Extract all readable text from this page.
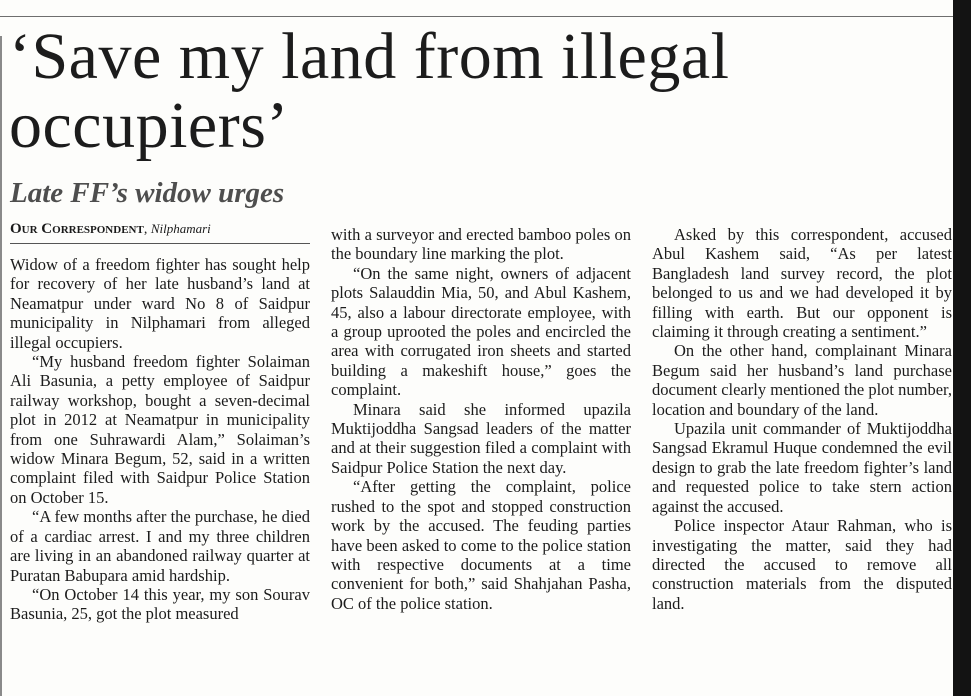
‘Save my land from illegal
occupiers’
Late FF’s widow urges
Our Correspondent, Nilphamari

Widow of a freedom fighter has sought help for recovery of her late husband’s land at Neamatpur under ward No 8 of Saidpur municipality in Nilphamari from alleged illegal occupiers.

“My husband freedom fighter Solaiman Ali Basunia, a petty employee of Saidpur railway workshop, bought a seven-decimal plot in 2012 at Neamatpur in municipality from one Suhrawardi Alam,” Solaiman’s widow Minara Begum, 52, said in a written complaint filed with Saidpur Police Station on October 15.

“A few months after the purchase, he died of a cardiac arrest. I and my three children are living in an abandoned railway quarter at Puratan Babupara amid hardship.

“On October 14 this year, my son Sourav Basunia, 25, got the plot measured

with a surveyor and erected bamboo poles on the boundary line marking the plot.

“On the same night, owners of adjacent plots Salauddin Mia, 50, and Abul Kashem, 45, also a labour directorate employee, with a group uprooted the poles and encircled the area with corrugated iron sheets and started building a makeshift house,” goes the complaint.

Minara said she informed upazila Muktijoddha Sangsad leaders of the matter and at their suggestion filed a complaint with Saidpur Police Station the next day.

“After getting the complaint, police rushed to the spot and stopped construction work by the accused. The feuding parties have been asked to come to the police station with respective documents at a time convenient for both,” said Shahjahan Pasha, OC of the police station.

Asked by this correspondent, accused Abul Kashem said, “As per latest Bangladesh land survey record, the plot belonged to us and we had developed it by filling with earth. But our opponent is claiming it through creating a sentiment.”

On the other hand, complainant Minara Begum said her husband’s land purchase document clearly mentioned the plot number, location and boundary of the land.

Upazila unit commander of Muktijoddha Sangsad Ekramul Huque condemned the evil design to grab the late freedom fighter’s land and requested police to take stern action against the accused.

Police inspector Ataur Rahman, who is investigating the matter, said they had directed the accused to remove all construction materials from the disputed land.
